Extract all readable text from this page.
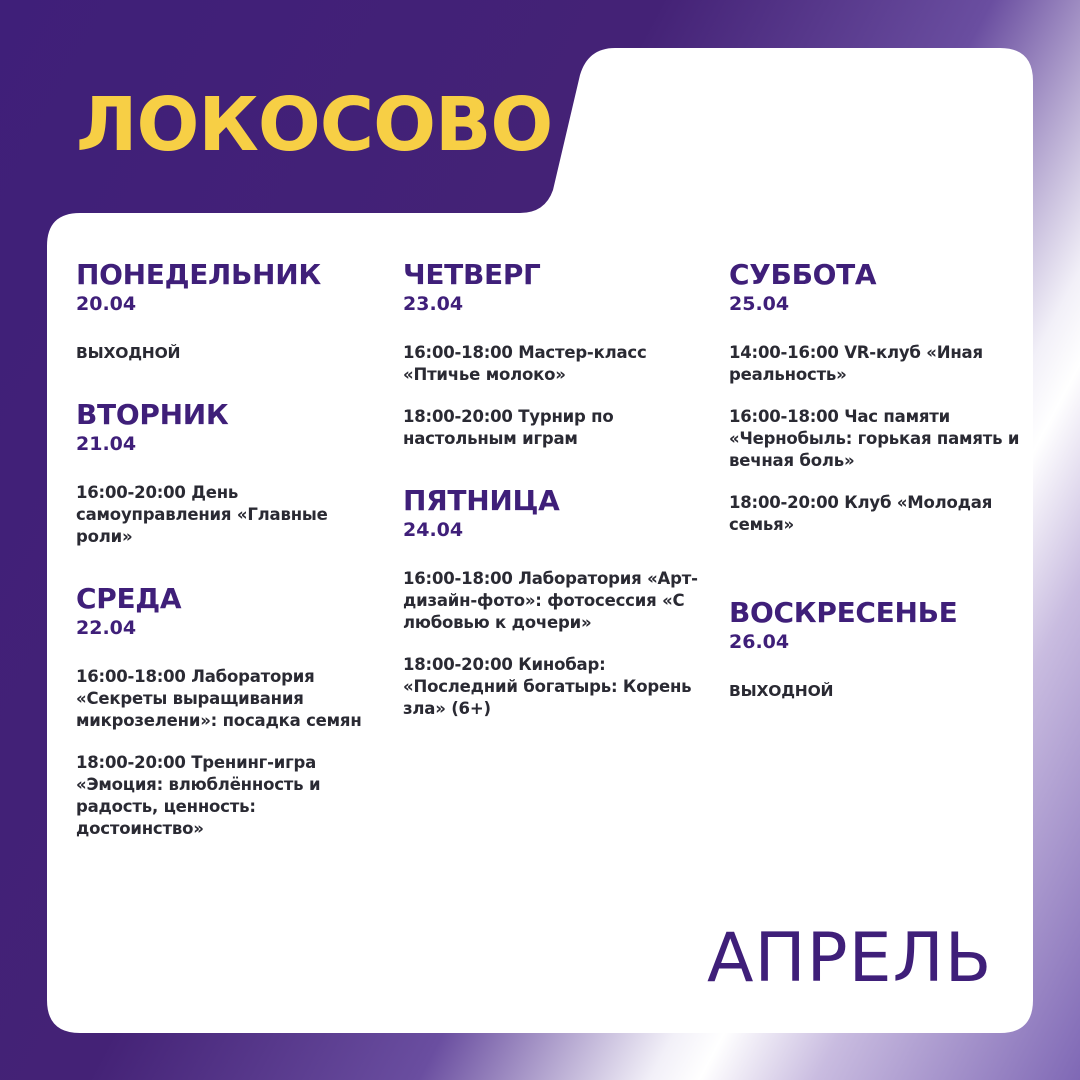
ЛОКОСОВО
ПОНЕДЕЛЬНИК
20.04
ВЫХОДНОЙ
ВТОРНИК
21.04
16:00-20:00 День самоуправления «Главные роли»
СРЕДА
22.04
16:00-18:00 Лаборатория «Секреты выращивания микрозелени»: посадка семян
18:00-20:00 Тренинг-игра «Эмоция: влюблённость и радость, ценность: достоинство»
ЧЕТВЕРГ
23.04
16:00-18:00 Мастер-класс «Птичье молоко»
18:00-20:00 Турнир по настольным играм
ПЯТНИЦА
24.04
16:00-18:00 Лаборатория «Арт-дизайн-фото»: фотосессия «С любовью к дочери»
18:00-20:00 Кинобар: «Последний богатырь: Корень зла» (6+)
СУББОТА
25.04
14:00-16:00 VR-клуб «Иная реальность»
16:00-18:00 Час памяти «Чернобыль: горькая память и вечная боль»
18:00-20:00 Клуб «Молодая семья»
ВОСКРЕСЕНЬЕ
26.04
ВЫХОДНОЙ
АПРЕЛЬ
